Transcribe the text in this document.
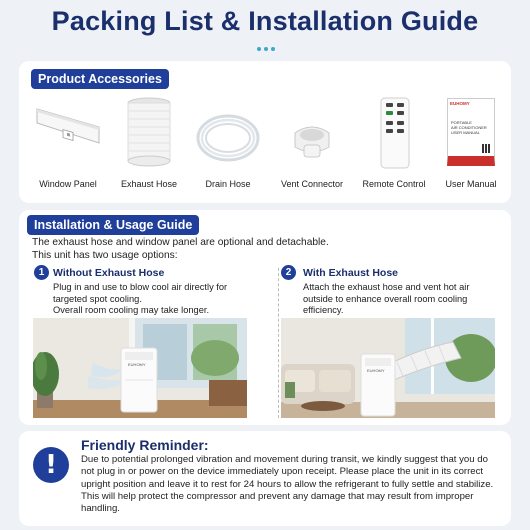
Packing List & Installation Guide
Product Accessories
Window Panel	Exhaust Hose	Drain Hose	Vent Connector	Remote Control
EUHOMY
PORTABLE
AIR CONDITIONER
USER MANUAL
User Manual
Installation & Usage Guide
The exhaust hose and window panel are optional and detachable.
This unit has two usage options:
1 Without Exhaust Hose
Plug in and use to blow cool air directly for
targeted spot cooling.
Overall room cooling may take longer.
2	With Exhaust Hose
Attach the exhaust hose and vent hot air
outside to enhance overall room cooling
efficiency.
EUHOMY
EUHOMY
!
Friendly Reminder:
Due to potential prolonged vibration and movement during transit, we kindly suggest that you do not plug in or power on the device immediately upon receipt. Please place the unit in its correct upright position and leave it to rest for 24 hours to allow the refrigerant to fully settle and stabilize. This will help protect the compressor and prevent any damage that may result from improper handling.
